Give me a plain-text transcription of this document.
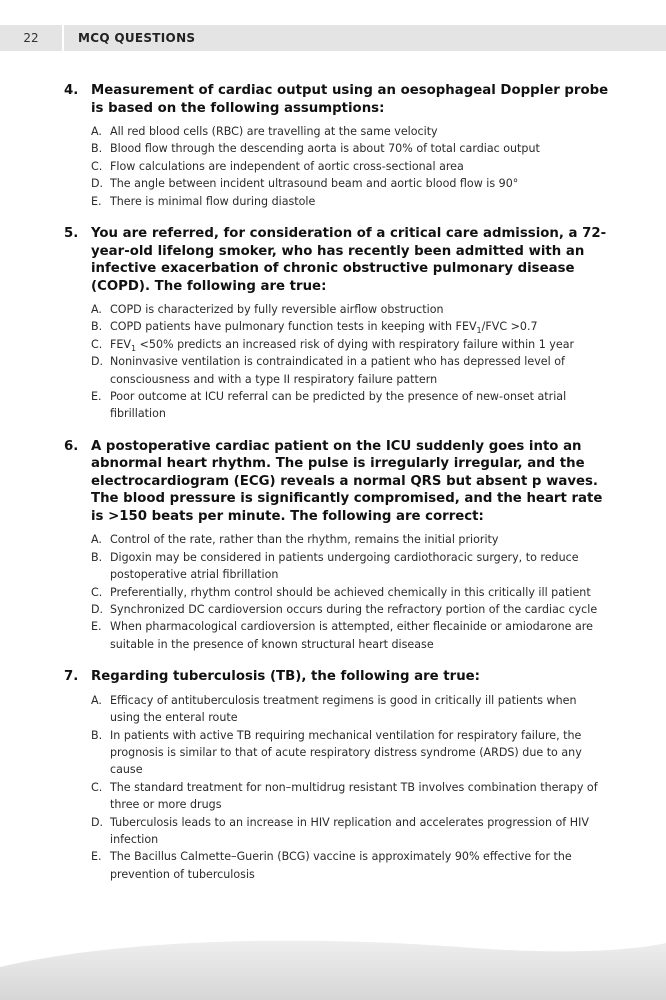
22	MCQ QUESTIONS
4. Measurement of cardiac output using an oesophageal Doppler probe is based on the following assumptions:
A. All red blood cells (RBC) are travelling at the same velocity
B. Blood flow through the descending aorta is about 70% of total cardiac output
C. Flow calculations are independent of aortic cross-sectional area
D. The angle between incident ultrasound beam and aortic blood flow is 90°
E. There is minimal flow during diastole
5. You are referred, for consideration of a critical care admission, a 72-year-old lifelong smoker, who has recently been admitted with an infective exacerbation of chronic obstructive pulmonary disease (COPD). The following are true:
A. COPD is characterized by fully reversible airflow obstruction
B. COPD patients have pulmonary function tests in keeping with $FEV_1$/FVC >0.7
C. $FEV_1 <50\%$ predicts an increased risk of dying with respiratory failure within 1 year
D. Noninvasive ventilation is contraindicated in a patient who has depressed level of consciousness and with a type II respiratory failure pattern
E. Poor outcome at ICU referral can be predicted by the presence of new-onset atrial fibrillation
6. A postoperative cardiac patient on the ICU suddenly goes into an abnormal heart rhythm. The pulse is irregularly irregular, and the electrocardiogram (ECG) reveals a normal QRS but absent p waves. The blood pressure is significantly compromised, and the heart rate is >150 beats per minute. The following are correct:
A. Control of the rate, rather than the rhythm, remains the initial priority
B. Digoxin may be considered in patients undergoing cardiothoracic surgery, to reduce postoperative atrial fibrillation
C. Preferentially, rhythm control should be achieved chemically in this critically ill patient
D. Synchronized DC cardioversion occurs during the refractory portion of the cardiac cycle
E. When pharmacological cardioversion is attempted, either flecainide or amiodarone are suitable in the presence of known structural heart disease
7. Regarding tuberculosis (TB), the following are true:
A. Efficacy of antituberculosis treatment regimens is good in critically ill patients when using the enteral route
B. In patients with active TB requiring mechanical ventilation for respiratory failure, the prognosis is similar to that of acute respiratory distress syndrome (ARDS) due to any cause
C. The standard treatment for non–multidrug resistant TB involves combination therapy of three or more drugs
D. Tuberculosis leads to an increase in HIV replication and accelerates progression of HIV infection
E. The Bacillus Calmette–Guerin (BCG) vaccine is approximately 90% effective for the prevention of tuberculosis
